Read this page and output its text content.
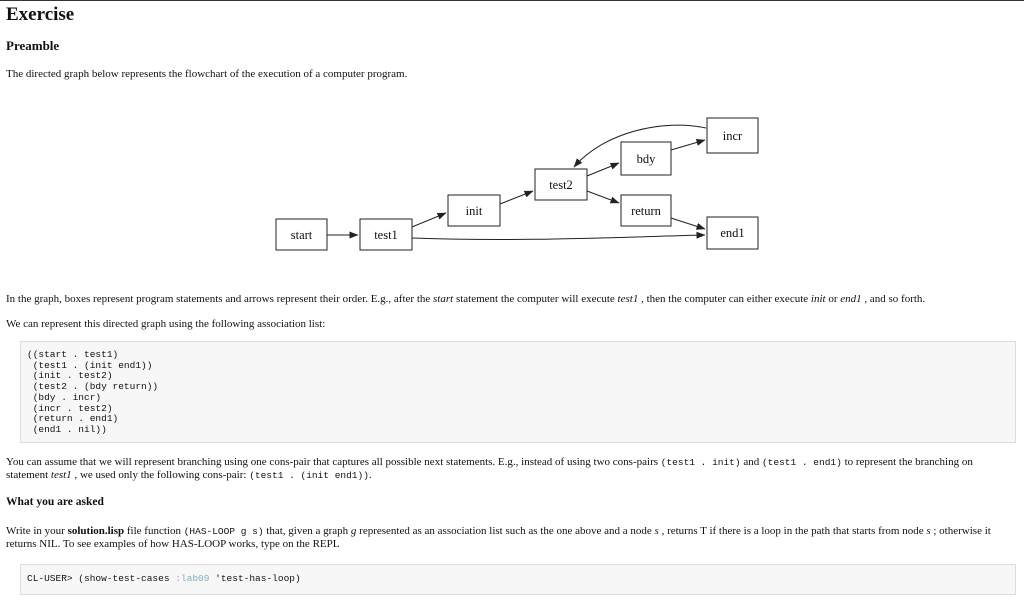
Exercise
Preamble
The directed graph below represents the flowchart of the execution of a computer program.
start	test1
init
test2
bdy
incr
return
end1
In the graph, boxes represent program statements and arrows represent their order. E.g., after the start statement the computer will execute test1 , then the computer can either execute init or end1 , and so forth.
We can represent this directed graph using the following association list:
((start . test1)
(test1 . (init end1))
(init . test2)
(test2 . (bdy return))
(bdy . incr)
(incr . test2)
(return . end1)
(end1 . nil))
You can assume that we will represent branching using one cons-pair that captures all possible next statements. E.g., instead of using two cons-pairs (test1 . init) and (test1 . end1) to represent the branching on
statement test1 , we used only the following cons-pair: (test1 . (init end1)).
What you are asked
Write in your solution.lisp file function (HAS-LOOP g s) that, given a graph g represented as an association list such as the one above and a node s , returns T if there is a loop in the path that starts from node s ; otherwise it
returns NIL. To see examples of how HAS-LOOP works, type on the REPL
CL-USER> (show-test-cases :lab09 'test-has-loop)
